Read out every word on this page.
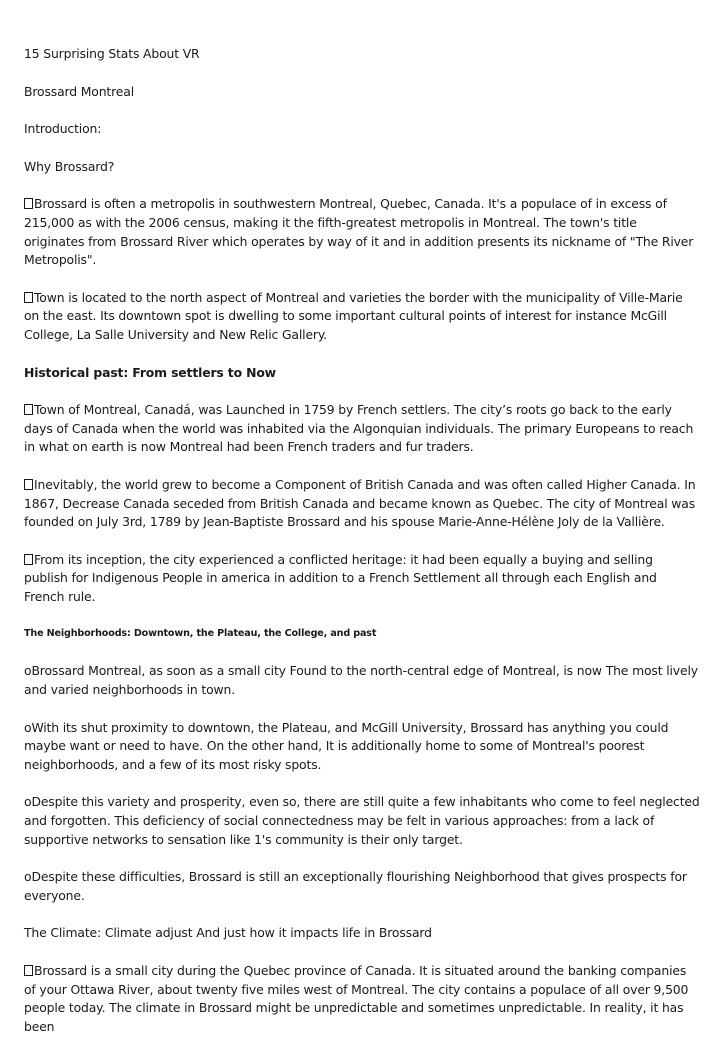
15 Surprising Stats About VR

Brossard Montreal

Introduction:

Why Brossard?

Brossard is often a metropolis in southwestern Montreal, Quebec, Canada. It's a populace of in excess of 215,000 as with the 2006 census, making it the fifth-greatest metropolis in Montreal. The town's title originates from Brossard River which operates by way of it and in addition presents its nickname of "The River Metropolis".

Town is located to the north aspect of Montreal and varieties the border with the municipality of Ville-Marie on the east. Its downtown spot is dwelling to some important cultural points of interest for instance McGill College, La Salle University and New Relic Gallery.

Historical past: From settlers to Now

Town of Montreal, Canadá, was Launched in 1759 by French settlers. The city’s roots go back to the early days of Canada when the world was inhabited via the Algonquian individuals. The primary Europeans to reach in what on earth is now Montreal had been French traders and fur traders.

Inevitably, the world grew to become a Component of British Canada and was often called Higher Canada. In 1867, Decrease Canada seceded from British Canada and became known as Quebec. The city of Montreal was founded on July 3rd, 1789 by Jean-Baptiste Brossard and his spouse Marie-Anne-Hélène Joly de la Vallière.

From its inception, the city experienced a conflicted heritage: it had been equally a buying and selling publish for Indigenous People in america in addition to a French Settlement all through each English and French rule.

The Neighborhoods: Downtown, the Plateau, the College, and past

oBrossard Montreal, as soon as a small city Found to the north-central edge of Montreal, is now The most lively and varied neighborhoods in town.

oWith its shut proximity to downtown, the Plateau, and McGill University, Brossard has anything you could maybe want or need to have. On the other hand, It is additionally home to some of Montreal's poorest neighborhoods, and a few of its most risky spots.

oDespite this variety and prosperity, even so, there are still quite a few inhabitants who come to feel neglected and forgotten. This deficiency of social connectedness may be felt in various approaches: from a lack of supportive networks to sensation like 1's community is their only target.

oDespite these difficulties, Brossard is still an exceptionally flourishing Neighborhood that gives prospects for everyone.

The Climate: Climate adjust And just how it impacts life in Brossard

Brossard is a small city during the Quebec province of Canada. It is situated around the banking companies of your Ottawa River, about twenty five miles west of Montreal. The city contains a populace of all over 9,500 people today. The climate in Brossard might be unpredictable and sometimes unpredictable. In reality, it has been
